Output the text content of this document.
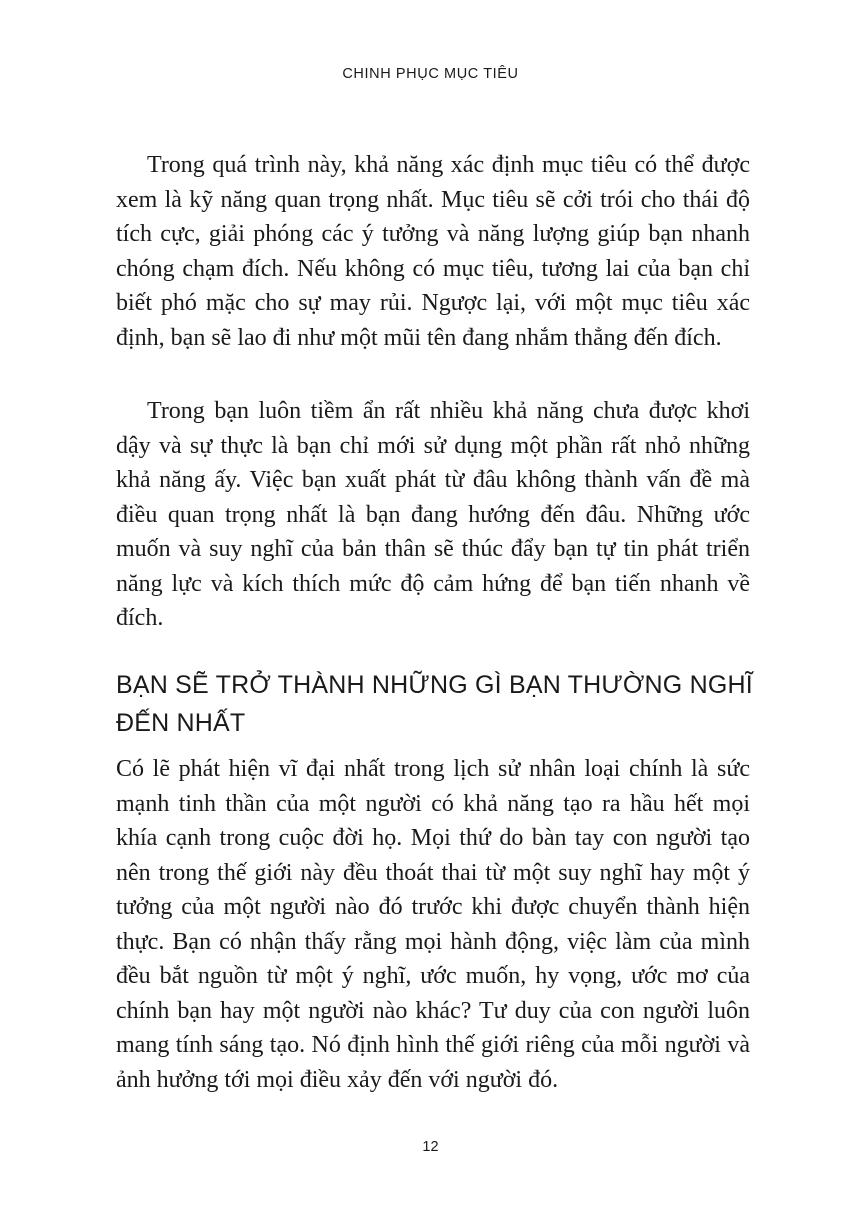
CHINH PHỤC MỤC TIÊU

Trong quá trình này, khả năng xác định mục tiêu có thể được xem là kỹ năng quan trọng nhất. Mục tiêu sẽ cởi trói cho thái độ tích cực, giải phóng các ý tưởng và năng lượng giúp bạn nhanh chóng chạm đích. Nếu không có mục tiêu, tương lai của bạn chỉ biết phó mặc cho sự may rủi. Ngược lại, với một mục tiêu xác định, bạn sẽ lao đi như một mũi tên đang nhắm thẳng đến đích.

Trong bạn luôn tiềm ẩn rất nhiều khả năng chưa được khơi dậy và sự thực là bạn chỉ mới sử dụng một phần rất nhỏ những khả năng ấy. Việc bạn xuất phát từ đâu không thành vấn đề mà điều quan trọng nhất là bạn đang hướng đến đâu. Những ước muốn và suy nghĩ của bản thân sẽ thúc đẩy bạn tự tin phát triển năng lực và kích thích mức độ cảm hứng để bạn tiến nhanh về đích.

BẠN SẼ TRỞ THÀNH NHỮNG GÌ BẠN THƯỜNG NGHĨ
ĐẾN NHẤT

Có lẽ phát hiện vĩ đại nhất trong lịch sử nhân loại chính là sức mạnh tinh thần của một người có khả năng tạo ra hầu hết mọi khía cạnh trong cuộc đời họ. Mọi thứ do bàn tay con người tạo nên trong thế giới này đều thoát thai từ một suy nghĩ hay một ý tưởng của một người nào đó trước khi được chuyển thành hiện thực. Bạn có nhận thấy rằng mọi hành động, việc làm của mình đều bắt nguồn từ một ý nghĩ, ước muốn, hy vọng, ước mơ của chính bạn hay một người nào khác? Tư duy của con người luôn mang tính sáng tạo. Nó định hình thế giới riêng của mỗi người và ảnh hưởng tới mọi điều xảy đến với người đó.

12
